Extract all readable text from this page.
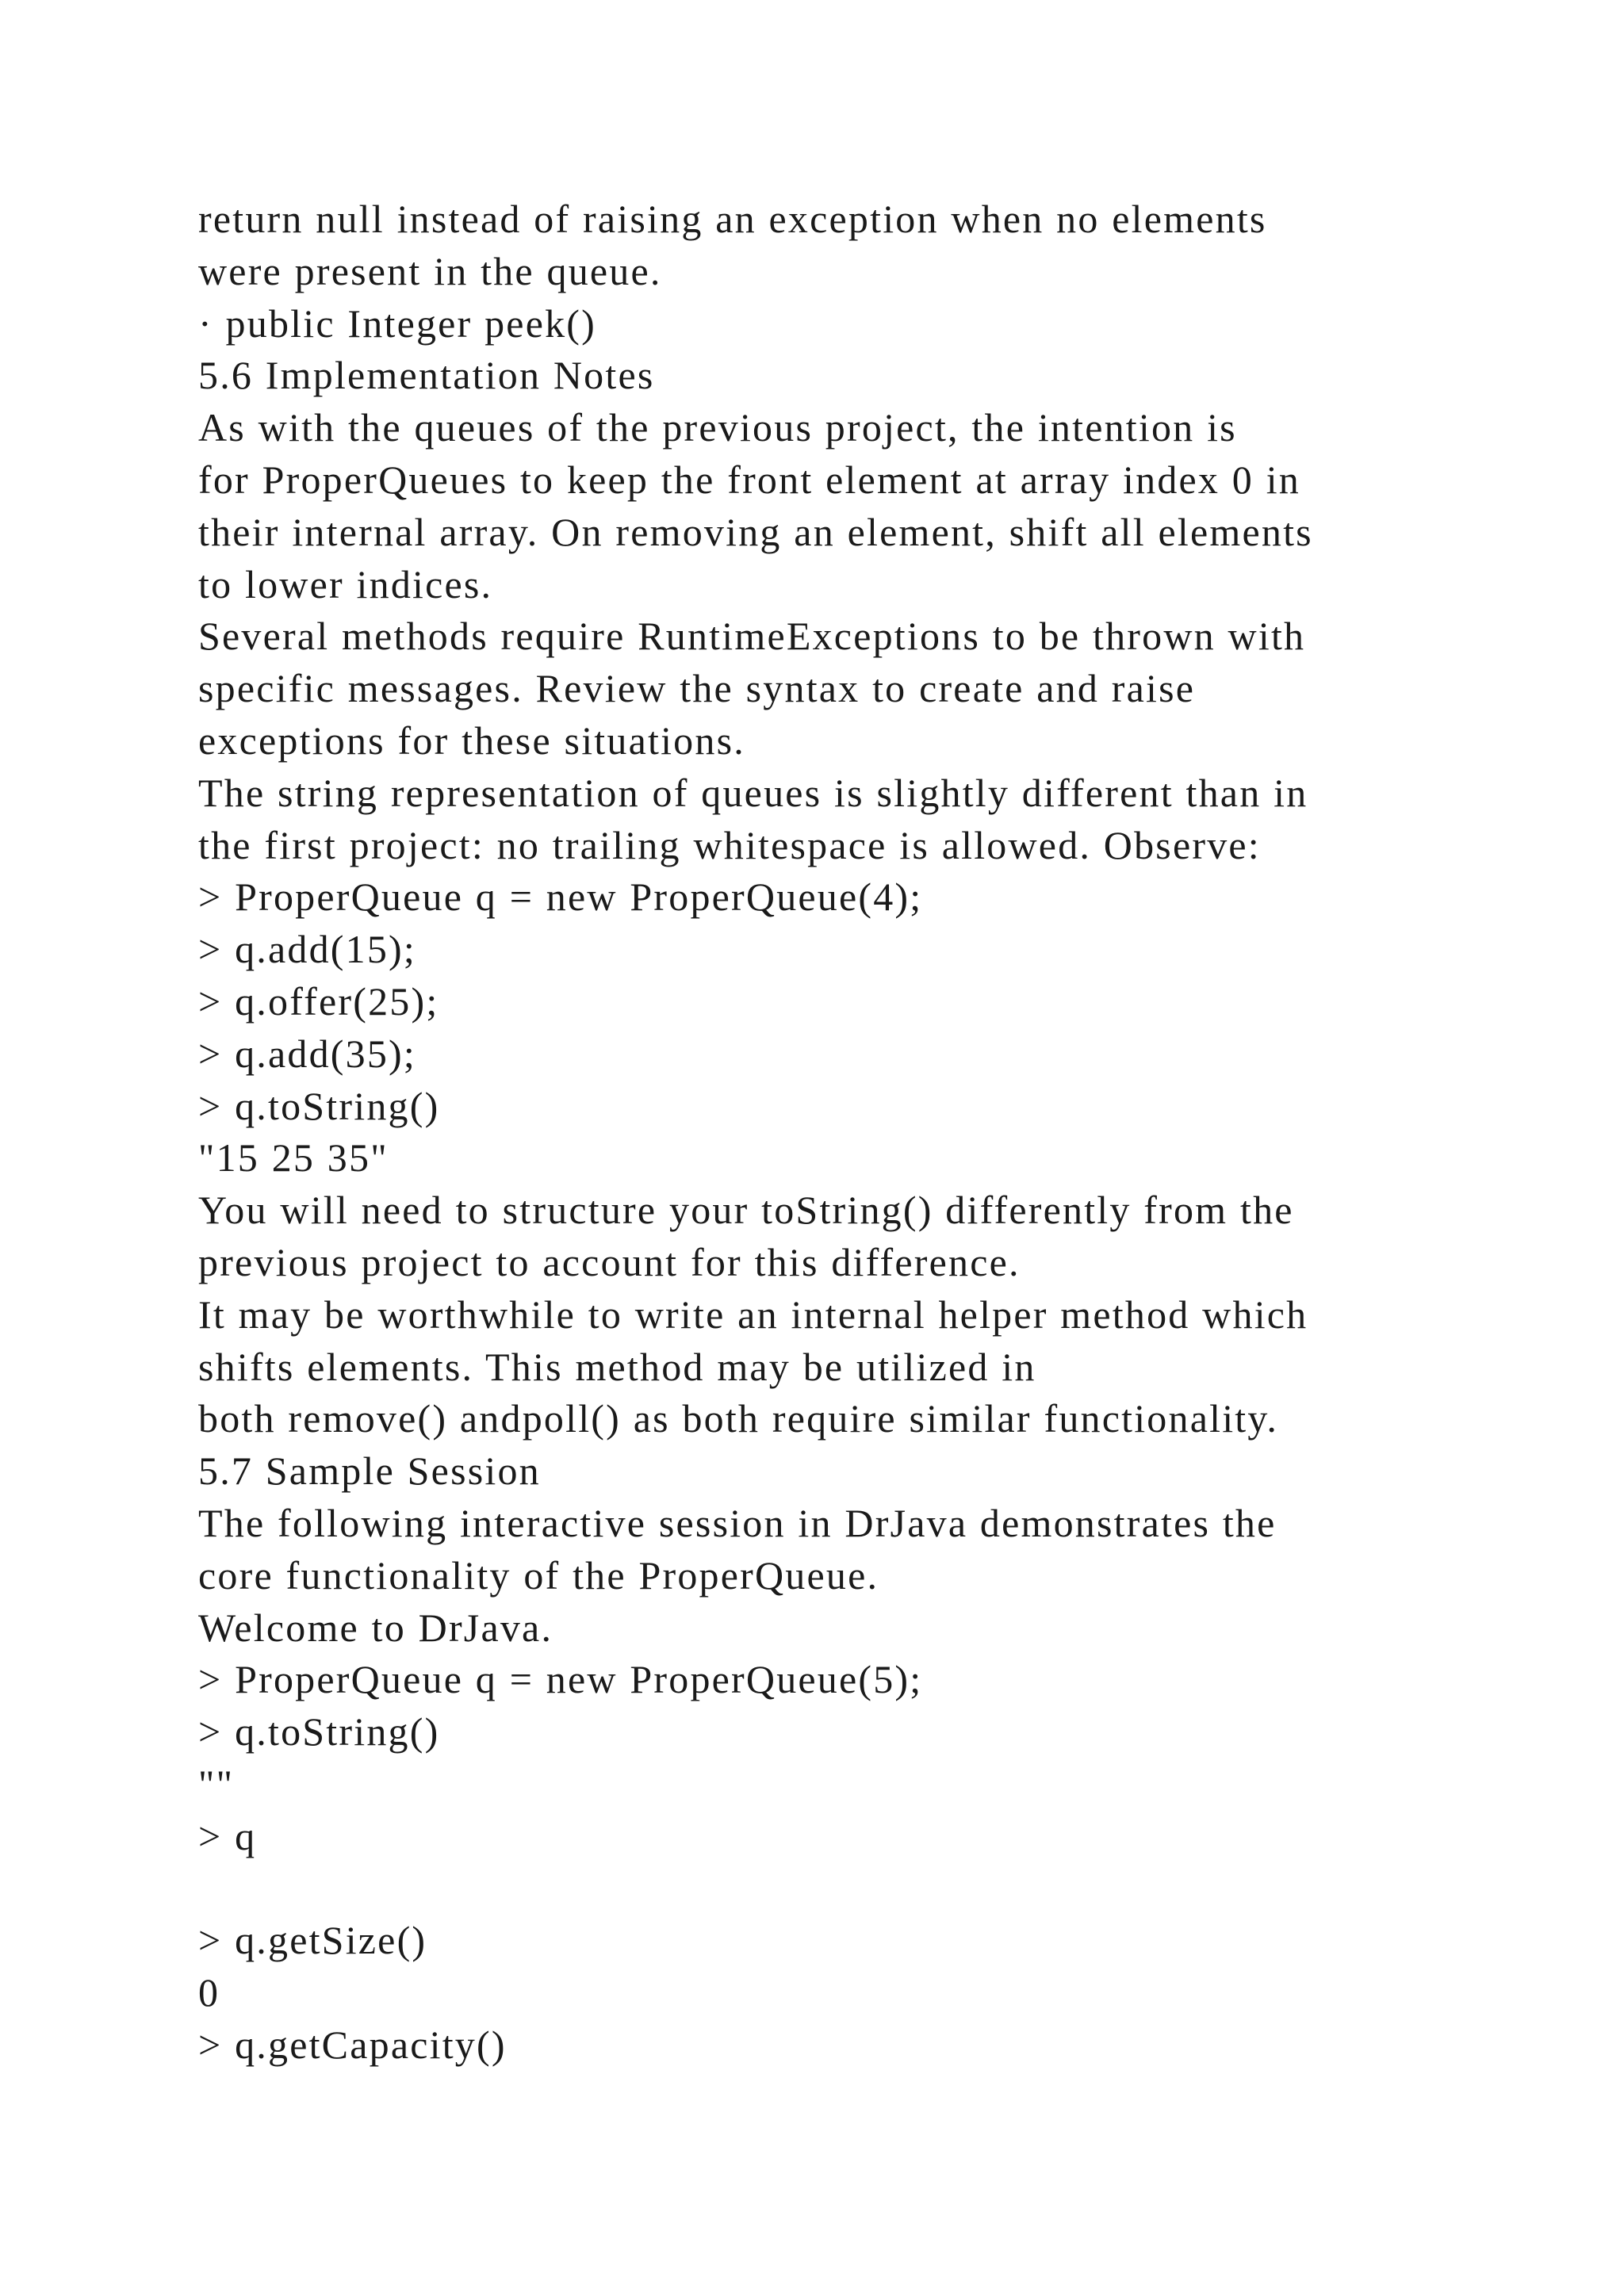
return null instead of raising an exception when no elements
were present in the queue.
· public Integer peek()
5.6 Implementation Notes
As with the queues of the previous project, the intention is
for ProperQueues to keep the front element at array index 0 in
their internal array. On removing an element, shift all elements
to lower indices.
Several methods require RuntimeExceptions to be thrown with
specific messages. Review the syntax to create and raise
exceptions for these situations.
The string representation of queues is slightly different than in
the first project: no trailing whitespace is allowed. Observe:
> ProperQueue q = new ProperQueue(4);
> q.add(15);
> q.offer(25);
> q.add(35);
> q.toString()
"15 25 35"
You will need to structure your toString() differently from the
previous project to account for this difference.
It may be worthwhile to write an internal helper method which
shifts elements. This method may be utilized in
both remove() andpoll() as both require similar functionality.
5.7 Sample Session
The following interactive session in DrJava demonstrates the
core functionality of the ProperQueue.
Welcome to DrJava.
> ProperQueue q = new ProperQueue(5);
> q.toString()
""
> q
> q.getSize()
0
> q.getCapacity()
